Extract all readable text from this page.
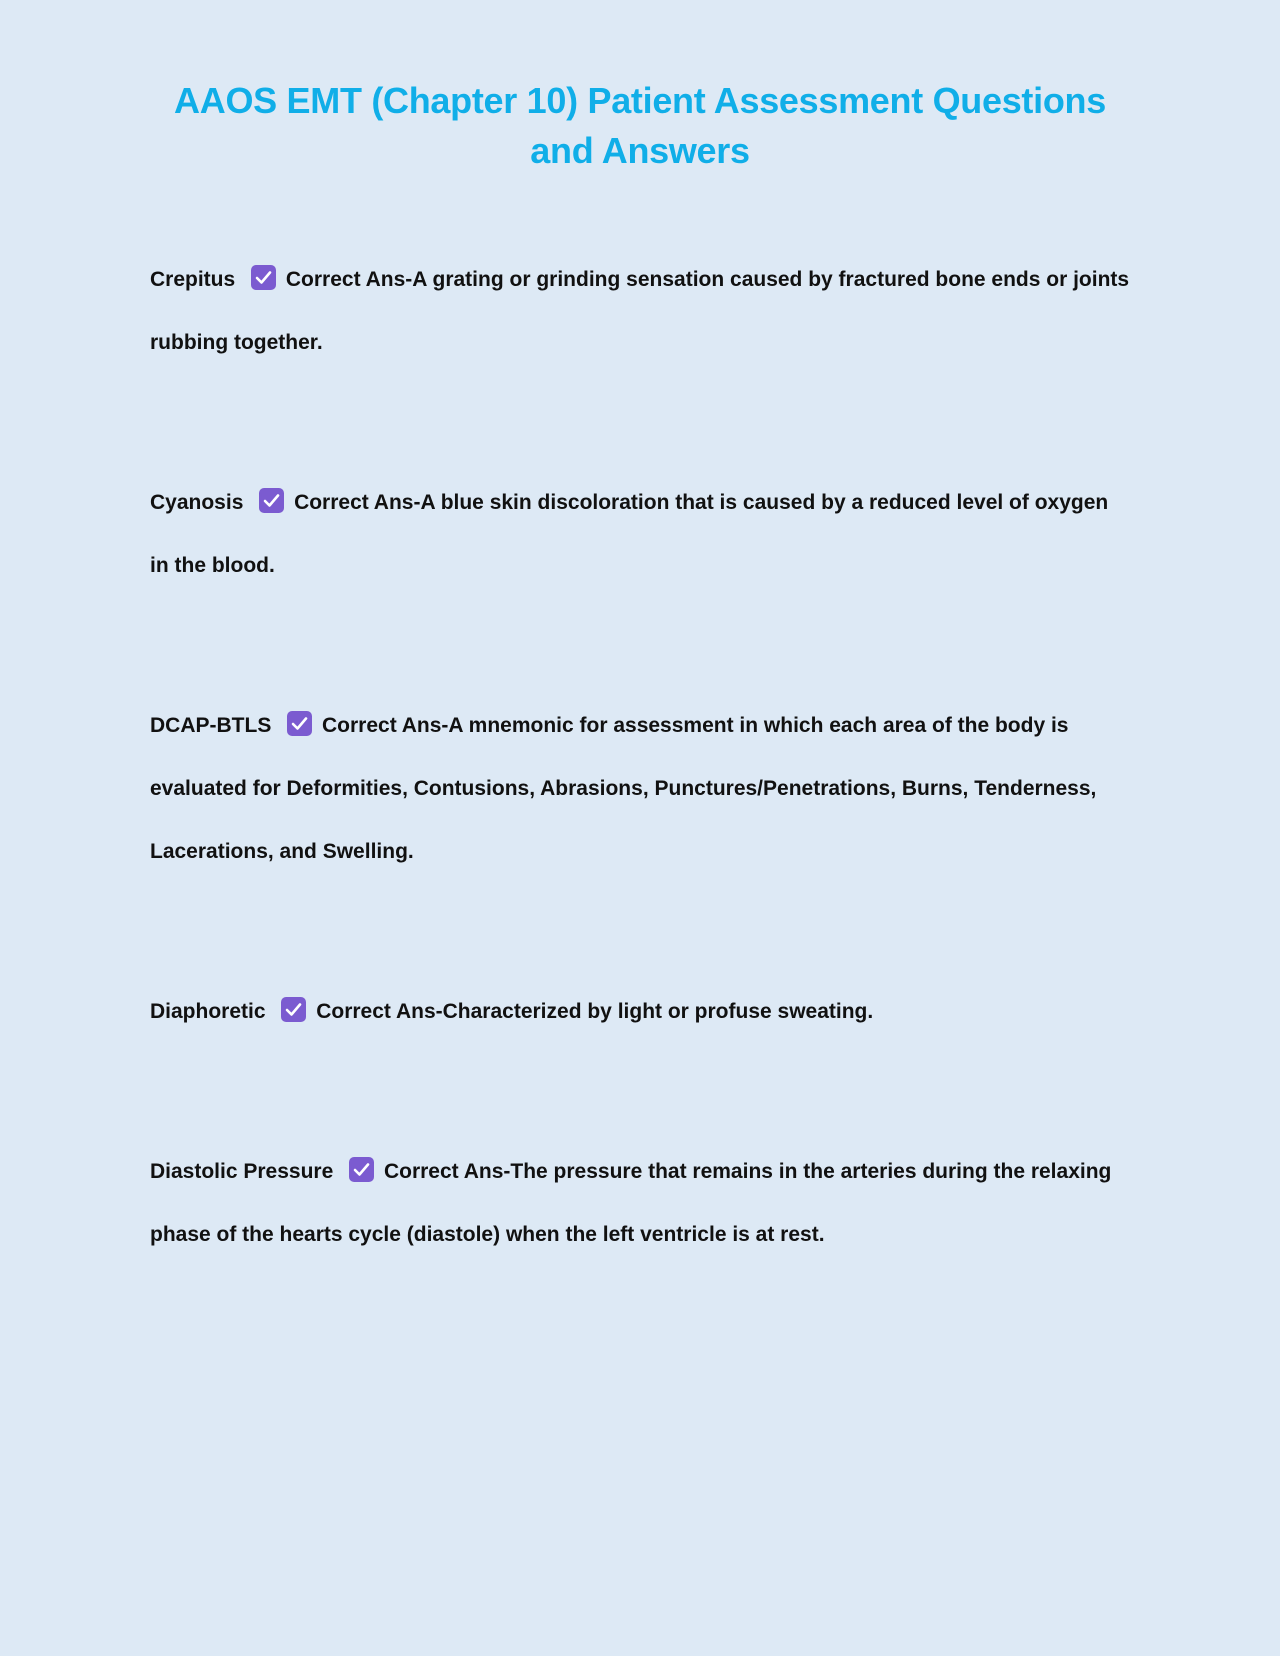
AAOS EMT (Chapter 10) Patient Assessment Questions and Answers

Crepitus Correct Ans-A grating or grinding sensation caused by fractured bone ends or joints rubbing together.

Cyanosis Correct Ans-A blue skin discoloration that is caused by a reduced level of oxygen in the blood.

DCAP-BTLS Correct Ans-A mnemonic for assessment in which each area of the body is evaluated for Deformities, Contusions, Abrasions, Punctures/Penetrations, Burns, Tenderness, Lacerations, and Swelling.

Diaphoretic Correct Ans-Characterized by light or profuse sweating.

Diastolic Pressure Correct Ans-The pressure that remains in the arteries during the relaxing phase of the hearts cycle (diastole) when the left ventricle is at rest.
